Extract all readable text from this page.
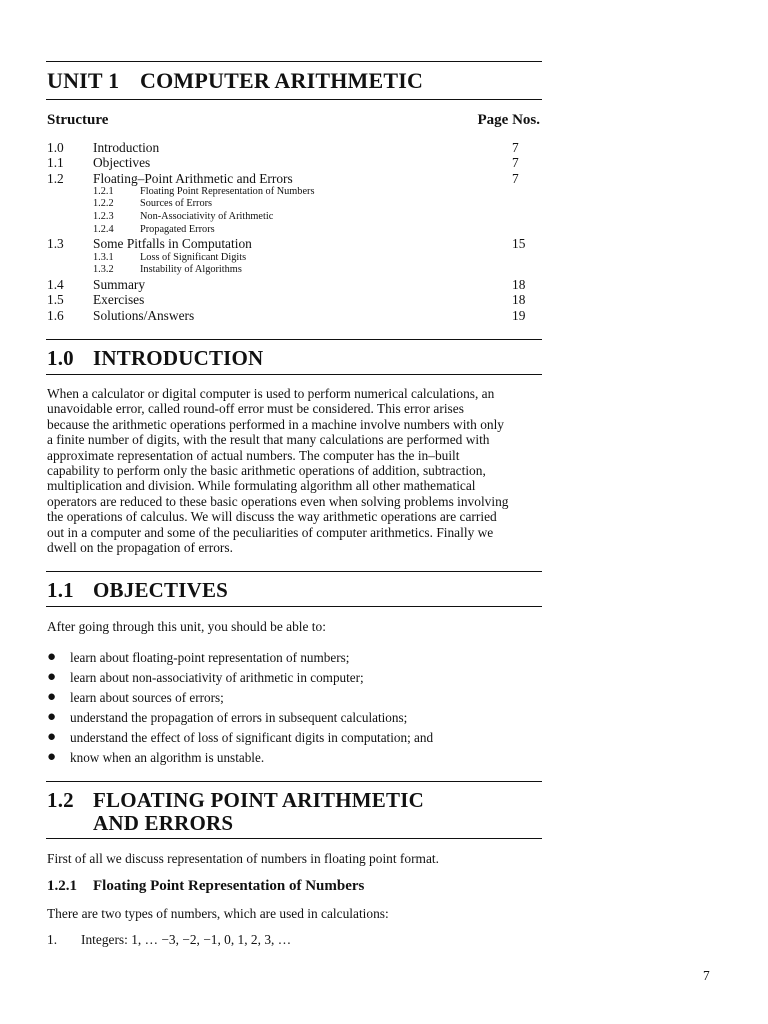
UNIT 1 COMPUTER ARITHMETIC
Structure	Page Nos.
1.0 Introduction	7
1.1 Objectives	7
1.2 Floating–Point Arithmetic and Errors	7
1.2.1	Floating Point Representation of Numbers
1.2.2	Sources of Errors
1.2.3	Non-Associativity of Arithmetic
1.2.4	Propagated Errors
1.3 Some Pitfalls in Computation	15
1.3.1	Loss of Significant Digits
1.3.2	Instability of Algorithms
1.4 Summary	18
1.5 Exercises	18
1.6 Solutions/Answers	19
1.0 INTRODUCTION
When a calculator or digital computer is used to perform numerical calculations, an
unavoidable error, called round-off error must be considered. This error arises
because the arithmetic operations performed in a machine involve numbers with only
a finite number of digits, with the result that many calculations are performed with
approximate representation of actual numbers. The computer has the in–built
capability to perform only the basic arithmetic operations of addition, subtraction,
multiplication and division. While formulating algorithm all other mathematical
operators are reduced to these basic operations even when solving problems involving
the operations of calculus. We will discuss the way arithmetic operations are carried
out in a computer and some of the peculiarities of computer arithmetics. Finally we
dwell on the propagation of errors.
1.1 OBJECTIVES
After going through this unit, you should be able to:
● learn about floating-point representation of numbers;
● learn about non-associativity of arithmetic in computer;
● learn about sources of errors;
● understand the propagation of errors in subsequent calculations;
● understand the effect of loss of significant digits in computation; and
● know when an algorithm is unstable.
1.2 FLOATING POINT ARITHMETIC
AND ERRORS
First of all we discuss representation of numbers in floating point format.
1.2.1 Floating Point Representation of Numbers
There are two types of numbers, which are used in calculations:
1. Integers: 1, … −3, −2, −1, 0, 1, 2, 3, …
7
